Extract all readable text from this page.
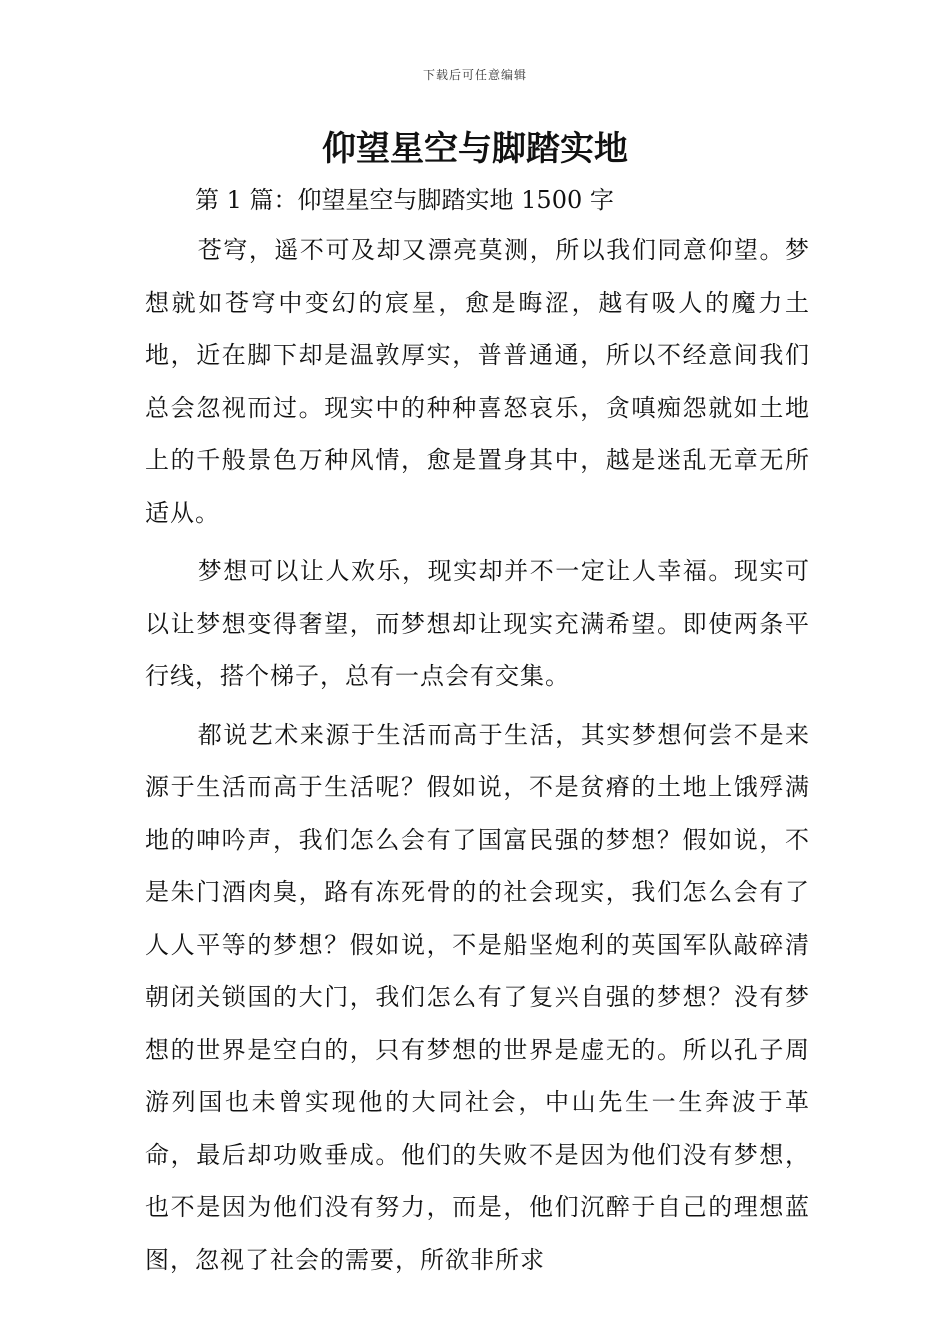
下载后可任意编辑
仰望星空与脚踏实地

第 1 篇：仰望星空与脚踏实地 1500 字

苍穹，遥不可及却又漂亮莫测，所以我们同意仰望。梦想就如苍穹中变幻的宸星，愈是晦涩，越有吸人的魔力土地，近在脚下却是温敦厚实，普普通通，所以不经意间我们总会忽视而过。现实中的种种喜怒哀乐，贪嗔痴怨就如土地上的千般景色万种风情，愈是置身其中，越是迷乱无章无所适从。

梦想可以让人欢乐，现实却并不一定让人幸福。现实可以让梦想变得奢望，而梦想却让现实充满希望。即使两条平行线，搭个梯子，总有一点会有交集。

都说艺术来源于生活而高于生活，其实梦想何尝不是来源于生活而高于生活呢？假如说，不是贫瘠的土地上饿殍满地的呻吟声，我们怎么会有了国富民强的梦想？假如说，不是朱门酒肉臭，路有冻死骨的的社会现实，我们怎么会有了人人平等的梦想？假如说，不是船坚炮利的英国军队敲碎清朝闭关锁国的大门，我们怎么有了复兴自强的梦想？没有梦想的世界是空白的，只有梦想的世界是虚无的。所以孔子周游列国也未曾实现他的大同社会，中山先生一生奔波于革命，最后却功败垂成。他们的失败不是因为他们没有梦想，也不是因为他们没有努力，而是，他们沉醉于自己的理想蓝图，忽视了社会的需要，所欲非所求
